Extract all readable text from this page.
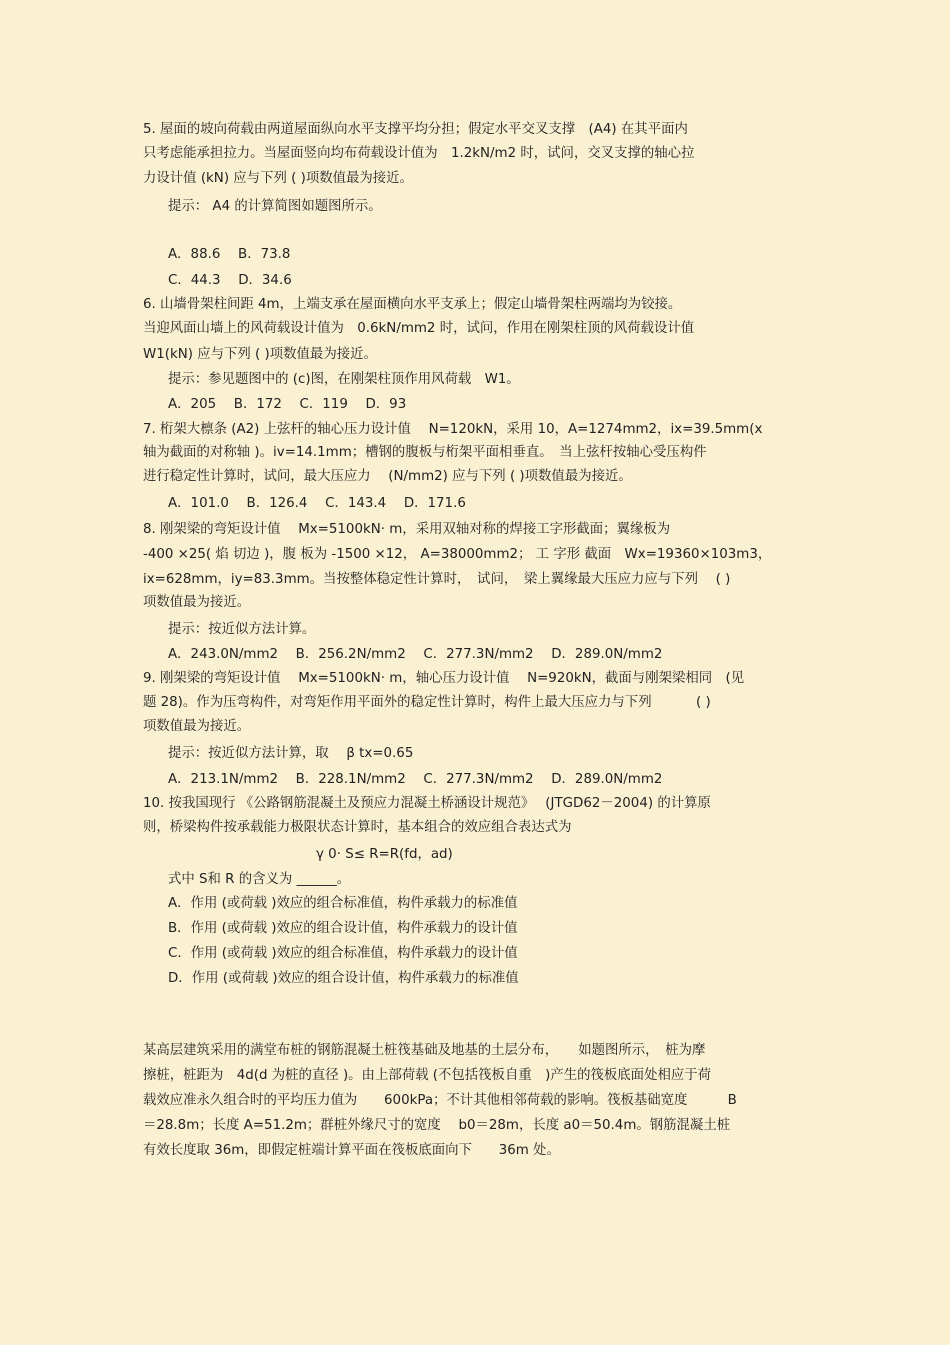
5. 屋面的坡向荷载由两道屋面纵向水平支撑平均分担；假定水平交叉支撑　(A4) 在其平面内
只考虑能承担拉力。当屋面竖向均布荷载设计值为　1.2kN/m2 时，试问，交叉支撑的轴心拉
力设计值 (kN) 应与下列 ( )项数值最为接近。
提示： A4 的计算简图如题图所示。
A．88.6　 B．73.8
C．44.3　 D．34.6
6. 山墙骨架柱间距 4m，上端支承在屋面横向水平支承上；假定山墙骨架柱两端均为铰接。
当迎风面山墙上的风荷载设计值为　0.6kN/mm2 时，试问，作用在刚架柱顶的风荷载设计值
W1(kN) 应与下列 ( )项数值最为接近。
提示：参见题图中的 (c)图，在刚架柱顶作用风荷载　W1。
A．205　 B．172　 C．119　 D．93
7. 桁架大檩条 (A2) 上弦杆的轴心压力设计值　 N=120kN，采用 10，A=1274mm2，ix=39.5mm(x
轴为截面的对称轴 )。iv=14.1mm；槽钢的腹板与桁架平面相垂直。　当上弦杆按轴心受压构件
进行稳定性计算时，试问，最大压应力　 (N/mm2) 应与下列 ( )项数值最为接近。
A．101.0　 B．126.4　 C．143.4　 D．171.6
8. 刚架梁的弯矩设计值　 Mx=5100kN· m，采用双轴对称的焊接工字形截面；翼缘板为
-400 ×25( 焰 切边 )，腹 板为 -1500 ×12， A=38000mm2； 工 字形 截面　Wx=19360×103m3，
ix=628mm，iy=83.3mm。当按整体稳定性计算时，　试问，　梁上翼缘最大压应力应与下列　 ( )
项数值最为接近。
提示：按近似方法计算。
A．243.0N/mm2　 B．256.2N/mm2　 C．277.3N/mm2　 D．289.0N/mm2
9. 刚架梁的弯矩设计值　 Mx=5100kN· m，轴心压力设计值　 N=920kN，截面与刚架梁相同　(见
题 28)。作为压弯构件，对弯矩作用平面外的稳定性计算时，构件上最大压应力与下列　　　 ( )
项数值最为接近。
提示：按近似方法计算，取　 β tx=0.65
A．213.1N/mm2　 B．228.1N/mm2　 C．277.3N/mm2　 D．289.0N/mm2
10. 按我国现行 《公路钢筋混凝土及预应力混凝土桥涵设计规范》　 (JTGD62－2004) 的计算原
则，桥梁构件按承载能力极限状态计算时，基本组合的效应组合表达式为
γ 0· S≤ R=R(fd，ad)
式中 S和 R 的含义为 ______。
A．作用 (或荷载 )效应的组合标准值，构件承载力的标准值
B．作用 (或荷载 )效应的组合设计值，构件承载力的设计值
C．作用 (或荷载 )效应的组合标准值，构件承载力的设计值
D．作用 (或荷载 )效应的组合设计值，构件承载力的标准值
某高层建筑采用的满堂布桩的钢筋混凝土桩筏基础及地基的土层分布，　　如题图所示，　桩为摩
擦桩，桩距为　4d(d 为桩的直径 )。由上部荷载 (不包括筏板自重　)产生的筏板底面处相应于荷
载效应准永久组合时的平均压力值为　　600kPa；不计其他相邻荷载的影响。筏板基础宽度　　　B
＝28.8m；长度 A=51.2m；群桩外缘尺寸的宽度　 b0＝28m，长度 a0＝50.4m。钢筋混凝土桩
有效长度取 36m，即假定桩端计算平面在筏板底面向下　　36m 处。
